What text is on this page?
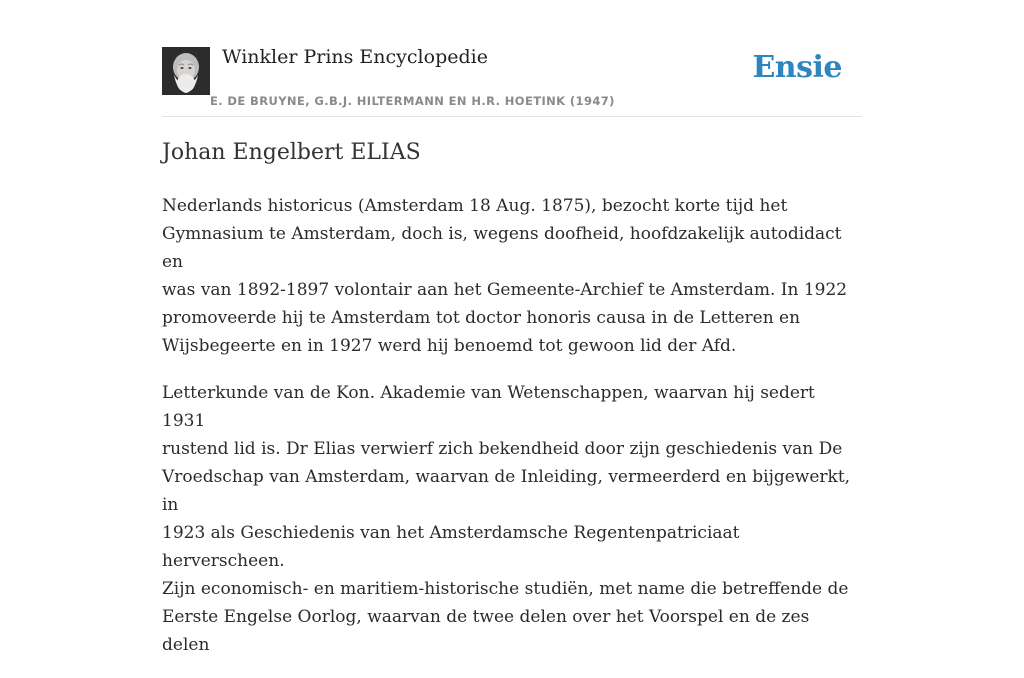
Winkler Prins Encyclopedie
E. DE BRUYNE, G.B.J. HILTERMANN EN H.R. HOETINK (1947)
Ensie
Johan Engelbert ELIAS

Nederlands historicus (Amsterdam 18 Aug. 1875), bezocht korte tijd het
Gymnasium te Amsterdam, doch is, wegens doofheid, hoofdzakelijk autodidact en
was van 1892-1897 volontair aan het Gemeente-Archief te Amsterdam. In 1922
promoveerde hij te Amsterdam tot doctor honoris causa in de Letteren en
Wijsbegeerte en in 1927 werd hij benoemd tot gewoon lid der Afd.

Letterkunde van de Kon. Akademie van Wetenschappen, waarvan hij sedert 1931
rustend lid is. Dr Elias verwierf zich bekendheid door zijn geschiedenis van De
Vroedschap van Amsterdam, waarvan de Inleiding, vermeerderd en bijgewerkt, in
1923 als Geschiedenis van het Amsterdamsche Regentenpatriciaat herverscheen.
Zijn economisch- en maritiem-historische studiën, met name die betreffende de
Eerste Engelse Oorlog, waarvan de twee delen over het Voorspel en de zes delen
